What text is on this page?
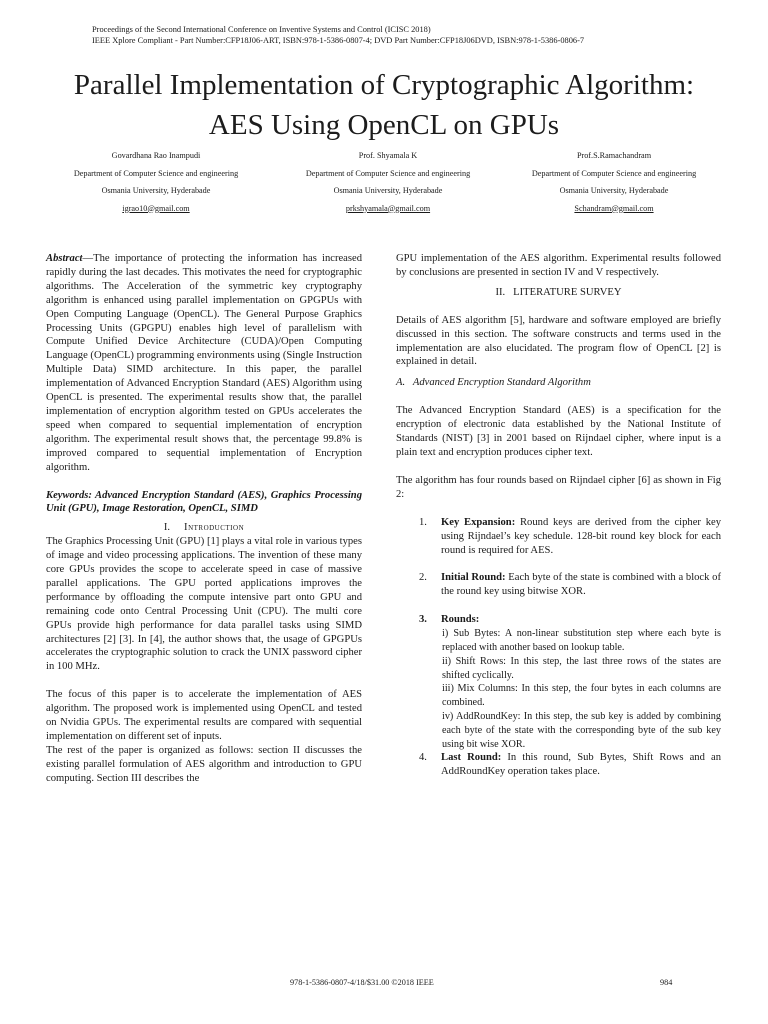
Proceedings of the Second International Conference on Inventive Systems and Control (ICISC 2018)
IEEE Xplore Compliant - Part Number:CFP18J06-ART, ISBN:978-1-5386-0807-4; DVD Part Number:CFP18J06DVD, ISBN:978-1-5386-0806-7
Parallel Implementation of Cryptographic Algorithm:
AES Using OpenCL on GPUs
Govardhana Rao Inampudi
Department of Computer Science and engineering
Osmania University, Hyderabade
igrao10@gmail.com
Prof. Shyamala K
Department of Computer Science and engineering
Osmania University, Hyderabade
prkshyamala@gmail.com
Prof.S.Ramachandram
Department of Computer Science and engineering
Osmania University, Hyderabade
Schandram@gmail.com

Abstract—The importance of protecting the information has increased rapidly during the last decades. This motivates the need for cryptographic algorithms. The Acceleration of the symmetric key cryptography algorithm is enhanced using parallel implementation on GPGPUs with Open Computing Language (OpenCL). The General Purpose Graphics Processing Units (GPGPU) enables high level of parallelism with Compute Unified Device Architecture (CUDA)/Open Computing Language (OpenCL) programming environments using (Single Instruction Multiple Data) SIMD architecture. In this paper, the parallel implementation of Advanced Encryption Standard (AES) Algorithm using OpenCL is presented. The experimental results show that, the parallel implementation of encryption algorithm tested on GPUs accelerates the speed when compared to sequential implementation of encryption algorithm. The experimental result shows that, the percentage 99.8% is improved compared to sequential implementation of Encryption algorithm.

Keywords: Advanced Encryption Standard (AES), Graphics Processing Unit (GPU), Image Restoration, OpenCL, SIMD

I. Introduction

The Graphics Processing Unit (GPU) [1] plays a vital role in various types of image and video processing applications. The invention of these many core GPUs provides the scope to accelerate speed in case of massive parallel applications. The GPU ported applications improves the performance by offloading the compute intensive part onto GPU and remaining code onto Central Processing Unit (CPU). The multi core GPUs provide high performance for data parallel tasks using SIMD architectures [2] [3]. In [4], the author shows that, the usage of GPGPUs accelerates the cryptographic solution to crack the UNIX password cipher in 100 MHz.

The focus of this paper is to accelerate the implementation of AES algorithm. The proposed work is implemented using OpenCL and tested on Nvidia GPUs. The experimental results are compared with sequential implementation on different set of inputs.

The rest of the paper is organized as follows: section II discusses the existing parallel formulation of AES algorithm and introduction to GPU computing. Section III describes the

GPU implementation of the AES algorithm. Experimental results followed by conclusions are presented in section IV and V respectively.

II.   LITERATURE SURVEY

Details of AES algorithm [5], hardware and software employed are briefly discussed in this section. The software constructs and terms used in the implementation are also elucidated. The program flow of OpenCL [2] is explained in detail.

A.   Advanced Encryption Standard Algorithm

The Advanced Encryption Standard (AES) is a specification for the encryption of electronic data established by the National Institute of Standards (NIST) [3] in 2001 based on Rijndael cipher, where input is a plain text and encryption produces cipher text.

The algorithm has four rounds based on Rijndael cipher [6] as shown in Fig 2:

1.	Key Expansion: Round keys are derived from the cipher key using Rijndael’s key schedule. 128-bit round key block for each round is required for AES.
2.	Initial Round: Each byte of the state is combined with a block of the round key using bitwise XOR.
3.	Rounds:
i) Sub Bytes: A non-linear substitution step where each byte is replaced with another based on lookup table.
ii) Shift Rows: In this step, the last three rows of the states are shifted cyclically.
iii) Mix Columns: In this step, the four bytes in each columns are combined.
iv) AddRoundKey: In this step, the sub key is added by combining each byte of the state with the corresponding byte of the sub key using bit wise XOR.
4.	Last Round: In this round, Sub Bytes, Shift Rows and an AddRoundKey operation takes place.
978-1-5386-0807-4/18/$31.00 ©2018 IEEE	984
